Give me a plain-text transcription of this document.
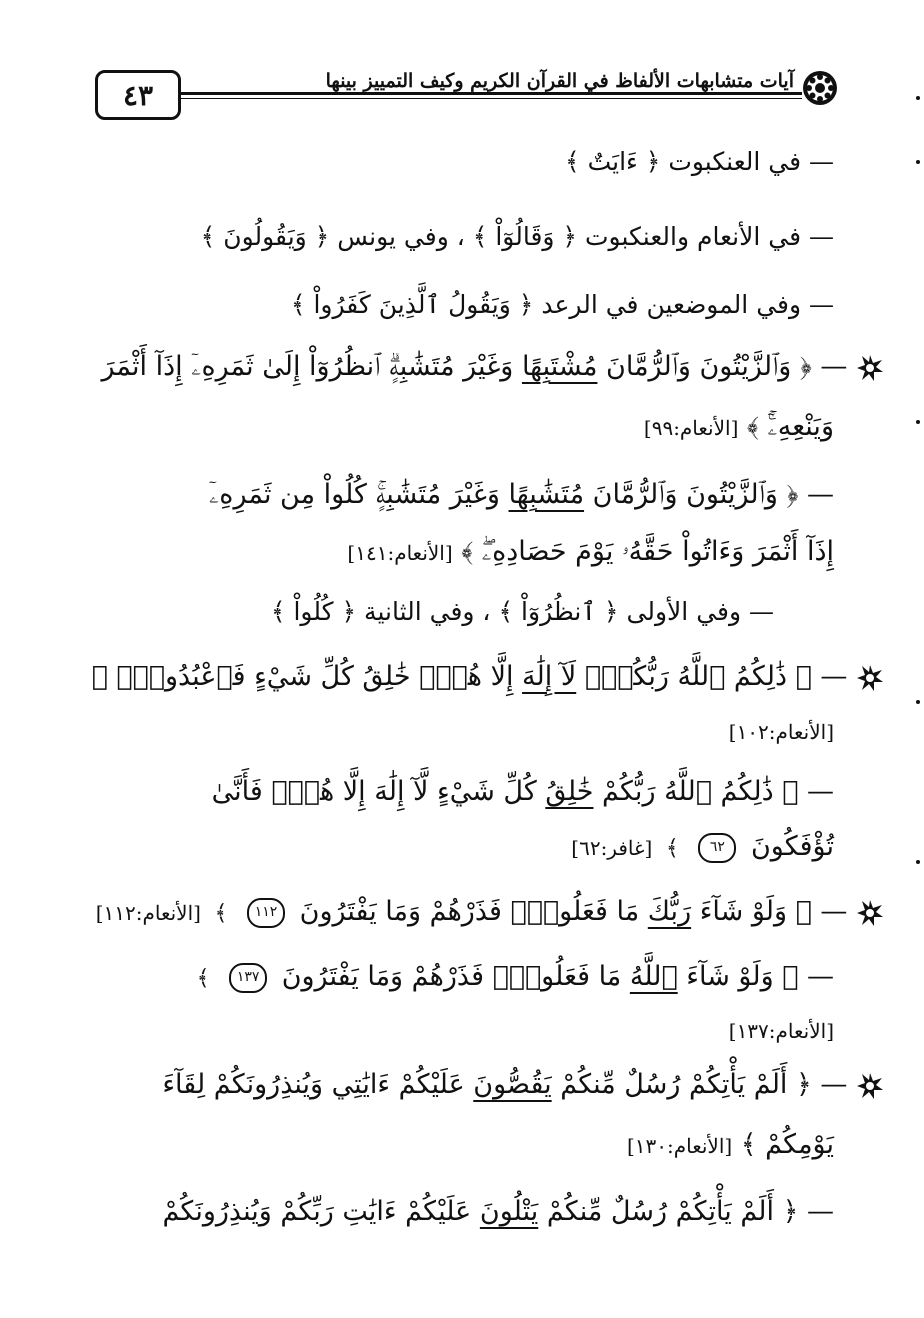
٤٣	آيات متشابهات الألفاظ في القرآن الكريم وكيف التمييز بينها
— في العنكبوت ﴿ ءَايَتٌ ﴾
— في الأنعام والعنكبوت ﴿ وَقَالُوٓاْ ﴾ ، وفي يونس ﴿ وَيَقُولُونَ ﴾
— وفي الموضعين في الرعد ﴿ وَيَقُولُ ٱلَّذِينَ كَفَرُواْ ﴾
— ﴿ وَٱلزَّيْتُونَ وَٱلرُّمَّانَ مُشْتَبِهًا وَغَيْرَ مُتَشَٰبِهٍۗ ٱنظُرُوٓاْ إِلَىٰ ثَمَرِهِۦٓ إِذَآ أَثْمَرَ
وَيَنْعِهِۦٓۚ ﴾ [الأنعام:٩٩]
— ﴿ وَٱلزَّيْتُونَ وَٱلرُّمَّانَ مُتَشَٰبِهًا وَغَيْرَ مُتَشَٰبِهٍۚ كُلُواْ مِن ثَمَرِهِۦٓ
إِذَآ أَثْمَرَ وَءَاتُواْ حَقَّهُۥ يَوْمَ حَصَادِهِۦۖ ﴾ [الأنعام:١٤١]
— وفي الأولى ﴿ ٱنظُرُوٓاْ ﴾ ، وفي الثانية ﴿ كُلُواْ ﴾
— ﴿ ذَٰلِكُمُ ٱللَّهُ رَبُّكُمْۖ لَآ إِلَٰهَ إِلَّا هُوَۖ خَٰلِقُ كُلِّ شَيْءٍ فَٱعْبُدُوهُۚ ﴾
[الأنعام:١٠٢]
— ﴿ ذَٰلِكُمُ ٱللَّهُ رَبُّكُمْ خَٰلِقُ كُلِّ شَيْءٍ لَّآ إِلَٰهَ إِلَّا هُوَۖ فَأَنَّىٰ
تُؤْفَكُونَ ٦٢ ﴾ [غافر:٦٢]
— ﴿ وَلَوْ شَآءَ رَبُّكَ مَا فَعَلُوهُۖ فَذَرْهُمْ وَمَا يَفْتَرُونَ ١١٢ ﴾ [الأنعام:١١٢]
— ﴿ وَلَوْ شَآءَ ٱللَّهُ مَا فَعَلُوهُۖ فَذَرْهُمْ وَمَا يَفْتَرُونَ ١٣٧ ﴾
[الأنعام:١٣٧]
— ﴿ أَلَمْ يَأْتِكُمْ رُسُلٌ مِّنكُمْ يَقُصُّونَ عَلَيْكُمْ ءَايَٰتِي وَيُنذِرُونَكُمْ لِقَآءَ
يَوْمِكُمْ ﴾ [الأنعام:١٣٠]
— ﴿ أَلَمْ يَأْتِكُمْ رُسُلٌ مِّنكُمْ يَتْلُونَ عَلَيْكُمْ ءَايَٰتِ رَبِّكُمْ وَيُنذِرُونَكُمْ
